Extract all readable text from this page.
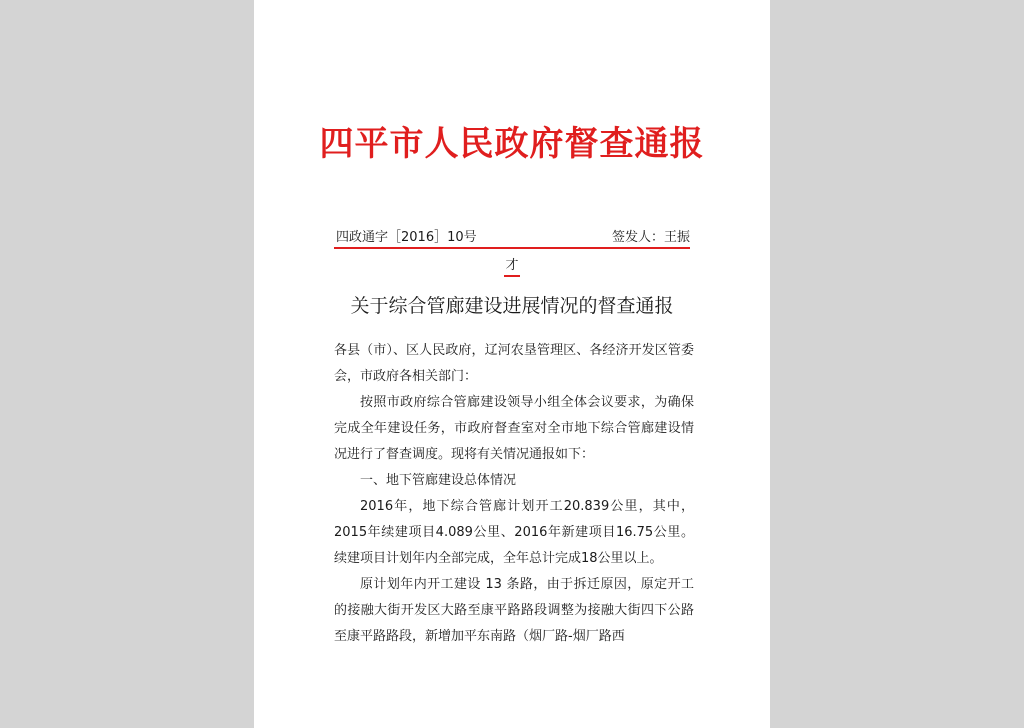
四平市人民政府督查通报
四政通字［2016］10号	签发人：王振
才
关于综合管廊建设进展情况的督查通报

各县（市）、区人民政府，辽河农垦管理区、各经济开发区管委会，市政府各相关部门：

按照市政府综合管廊建设领导小组全体会议要求，为确保完成全年建设任务，市政府督查室对全市地下综合管廊建设情况进行了督查调度。现将有关情况通报如下：

一、地下管廊建设总体情况

2016年，地下综合管廊计划开工20.839公里，其中，2015年续建项目4.089公里、2016年新建项目16.75公里。续建项目计划年内全部完成，全年总计完成18公里以上。

原计划年内开工建设 13 条路，由于拆迁原因，原定开工的接融大街开发区大路至康平路路段调整为接融大街四下公路至康平路路段，新增加平东南路（烟厂路-烟厂路西
